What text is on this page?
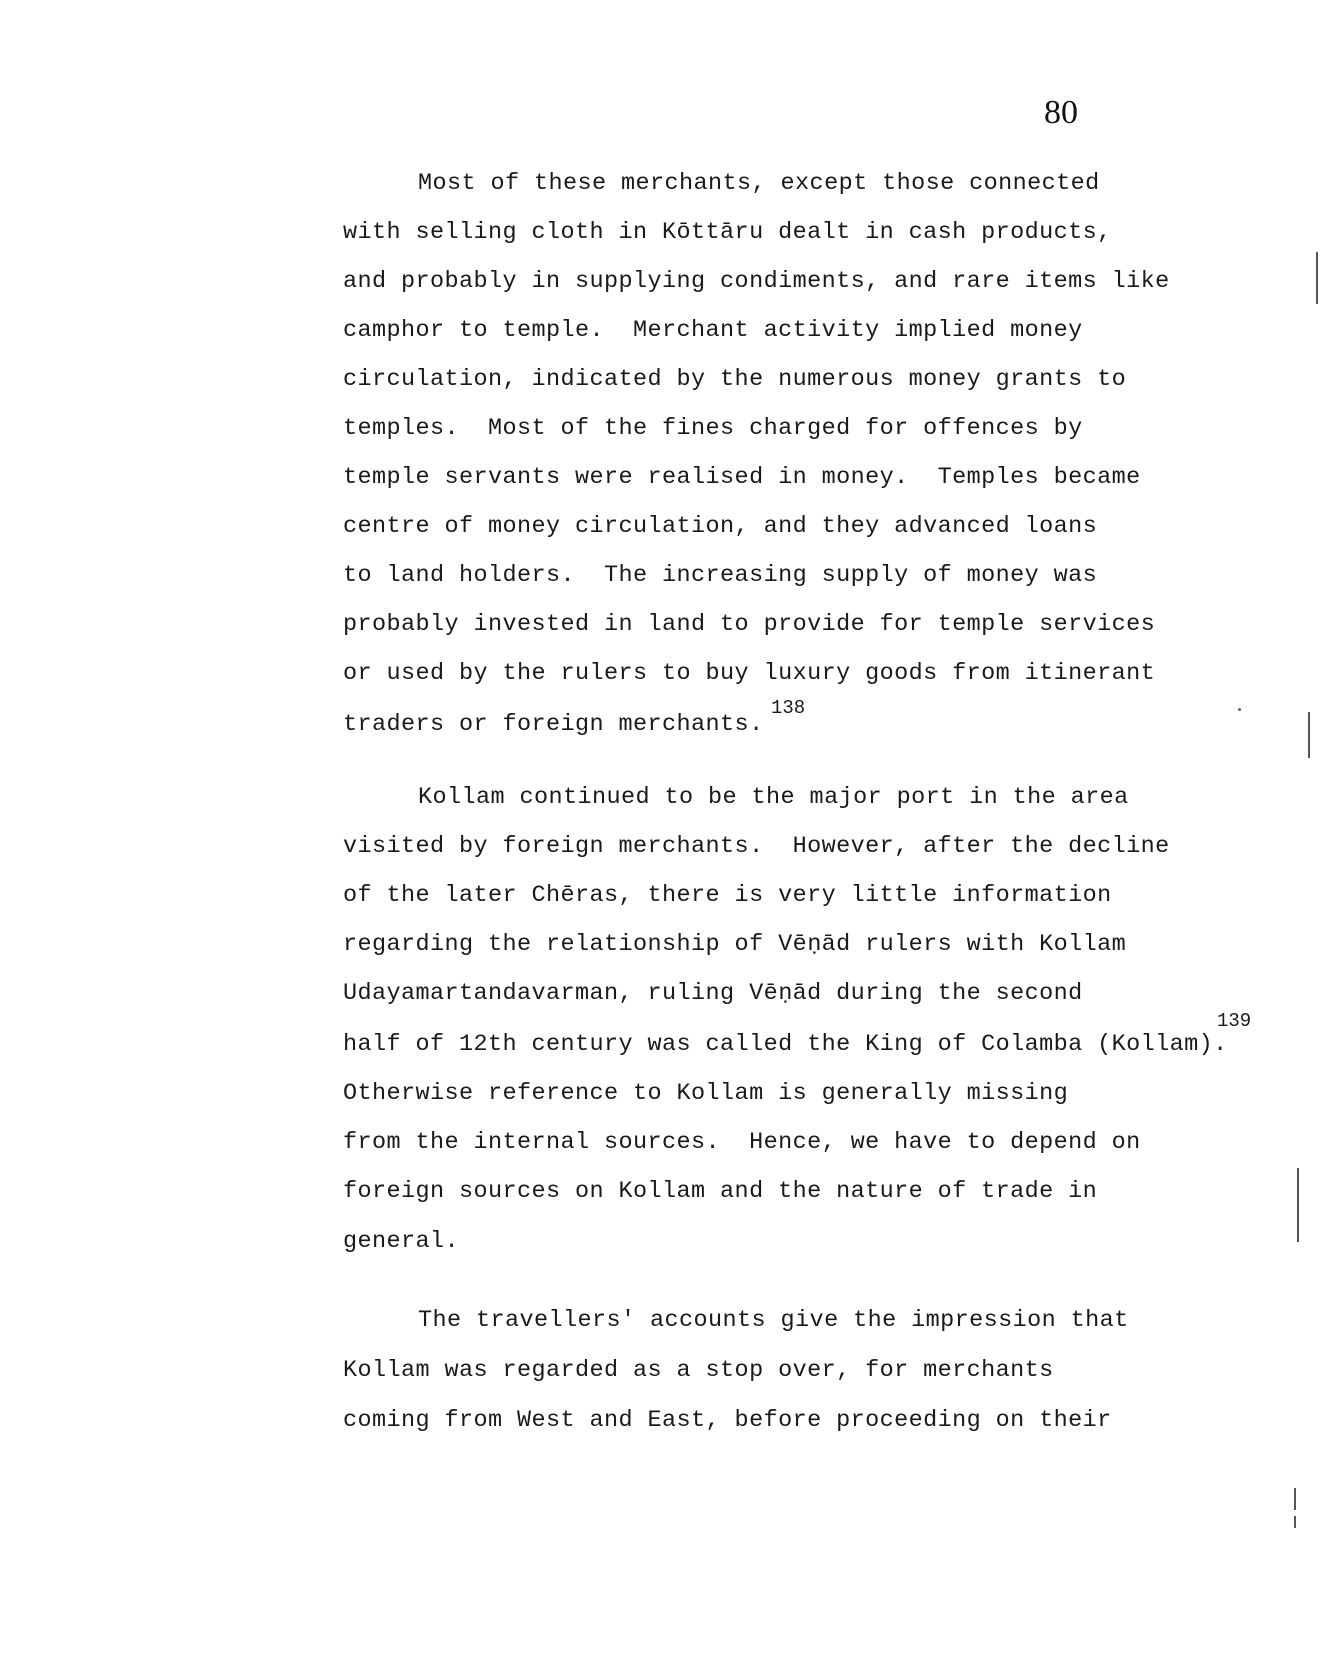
80
Most of these merchants, except those connected
with selling cloth in Kōttāru dealt in cash products,
and probably in supplying condiments, and rare items like
camphor to temple.  Merchant activity implied money
circulation, indicated by the numerous money grants to
temples.  Most of the fines charged for offences by
temple servants were realised in money.  Temples became
centre of money circulation, and they advanced loans
to land holders.  The increasing supply of money was
probably invested in land to provide for temple services
or used by the rulers to buy luxury goods from itinerant
traders or foreign merchants.
138
Kollam continued to be the major port in the area
visited by foreign merchants.  However, after the decline
of the later Chēras, there is very little information
regarding the relationship of Vēṇād rulers with Kollam
Udayamartandavarman, ruling Vēṇād during the second
half of 12th century was called the King of Colamba (Kollam).
139
Otherwise reference to Kollam is generally missing
from the internal sources.  Hence, we have to depend on
foreign sources on Kollam and the nature of trade in
general.
The travellers' accounts give the impression that
Kollam was regarded as a stop over, for merchants
coming from West and East, before proceeding on their
